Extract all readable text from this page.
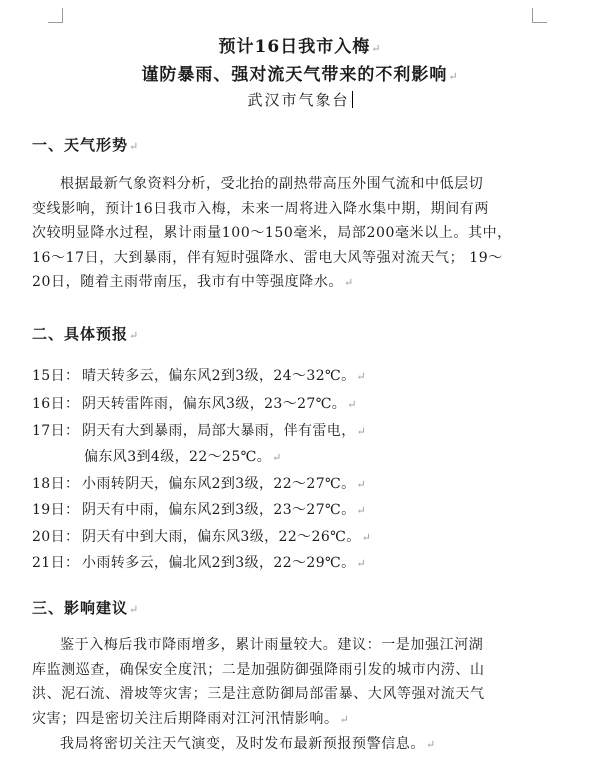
预计16日我市入梅↵
谨防暴雨、强对流天气带来的不利影响↵
武汉市气象台
一、天气形势↵
根据最新气象资料分析，受北抬的副热带高压外围气流和中低层切
变线影响，预计16日我市入梅，未来一周将进入降水集中期，期间有两
次较明显降水过程，累计雨量100～150毫米，局部200毫米以上。其中，
16～17日，大到暴雨，伴有短时强降水、雷电大风等强对流天气； 19～
20日，随着主雨带南压，我市有中等强度降水。↵
二、具体预报↵
15日： 晴天转多云，偏东风2到3级，24～32℃。↵
16日： 阴天转雷阵雨，偏东风3级，23～27℃。↵
17日： 阴天有大到暴雨，局部大暴雨，伴有雷电，↵
偏东风3到4级，22～25℃。↵
18日： 小雨转阴天，偏东风2到3级，22～27℃。↵
19日： 阴天有中雨，偏东风2到3级，23～27℃。↵
20日： 阴天有中到大雨，偏东风3级，22～26℃。↵
21日： 小雨转多云，偏北风2到3级，22～29℃。↵
三、影响建议↵
鉴于入梅后我市降雨增多，累计雨量较大。建议：一是加强江河湖
库监测巡查，确保安全度汛；二是加强防御强降雨引发的城市内涝、山
洪、泥石流、滑坡等灾害；三是注意防御局部雷暴、大风等强对流天气
灾害；四是密切关注后期降雨对江河汛情影响。↵
我局将密切关注天气演变，及时发布最新预报预警信息。↵
